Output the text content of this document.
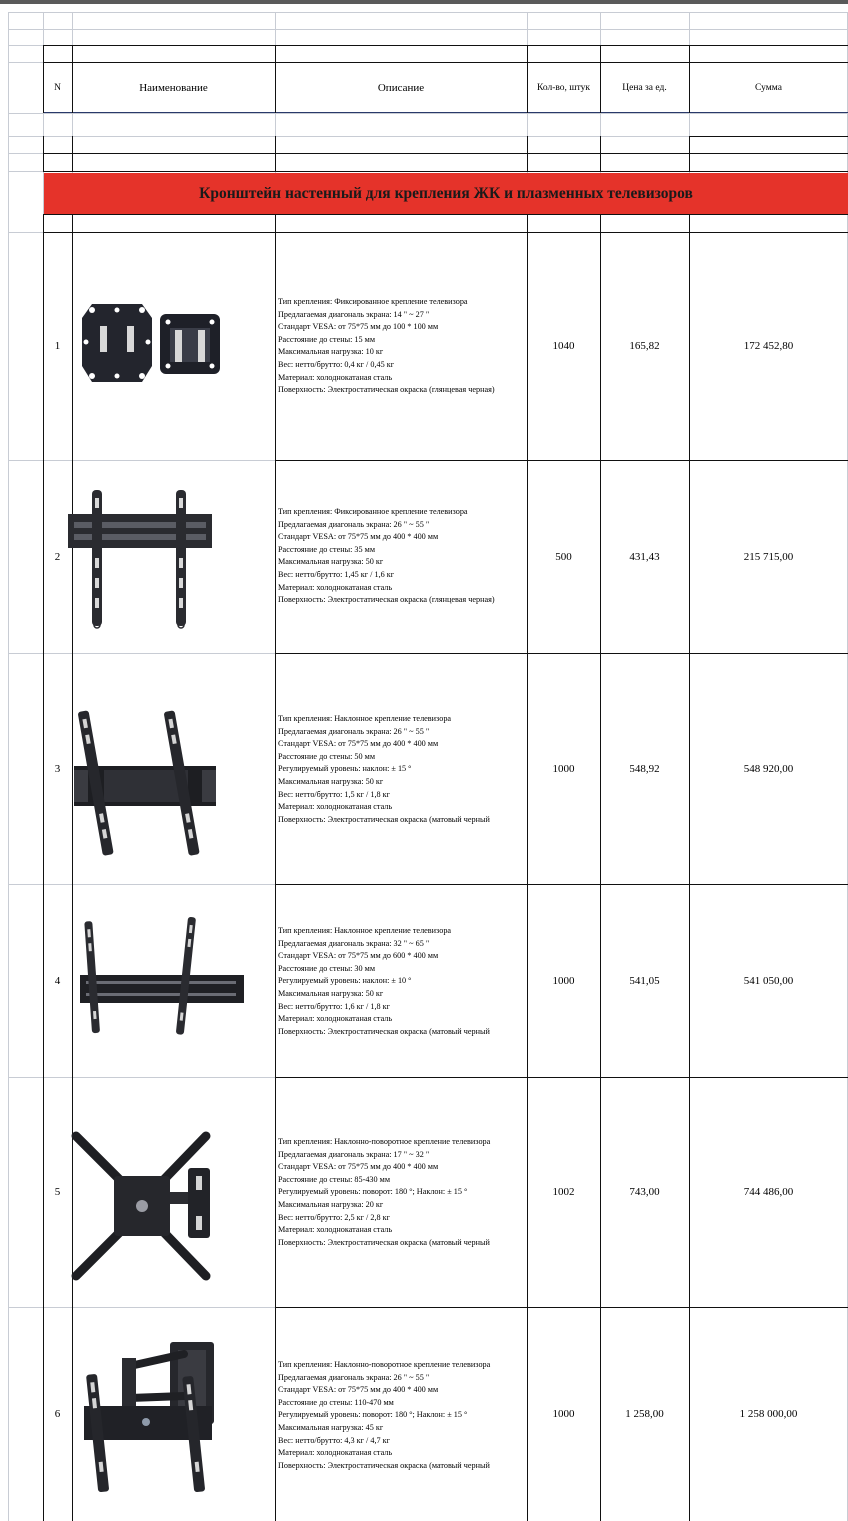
N	Наименование	Описание	Кол-во, штук	Цена за ед.	Сумма
Кронштейн настенный для крепления ЖК и плазменных телевизоров
1
Тип крепления: Фиксированное крепление телевизора
Предлагаемая диагональ экрана: 14 " ~ 27 "
Стандарт VESA: от 75*75 мм до 100 * 100 мм
Расстояние до стены: 15 мм
Максимальная нагрузка: 10 кг
Вес: нетто/брутто: 0,4 кг / 0,45 кг
Материал: холоднокатаная сталь
Поверхность: Электростатическая окраска (глянцевая черная)
1040	165,82	172 452,80
2
Тип крепления: Фиксированное крепление телевизора
Предлагаемая диагональ экрана: 26 " ~ 55 "
Стандарт VESA: от 75*75 мм до 400 * 400 мм
Расстояние до стены: 35 мм
Максимальная нагрузка: 50 кг
Вес: нетто/брутто: 1,45 кг / 1,6 кг
Материал: холоднокатаная сталь
Поверхность: Электростатическая окраска (глянцевая черная)
500	431,43	215 715,00
3
Тип крепления: Наклонное крепление телевизора
Предлагаемая диагональ экрана: 26 " ~ 55 "
Стандарт VESA: от 75*75 мм до 400 * 400 мм
Расстояние до стены: 50 мм
Регулируемый уровень: наклон: ± 15 °
Максимальная нагрузка: 50 кг
Вес: нетто/брутто: 1,5 кг / 1,8 кг
Материал: холоднокатаная сталь
Поверхность: Электростатическая окраска (матовый черный
1000	548,92	548 920,00
4
Тип крепления: Наклонное крепление телевизора
Предлагаемая диагональ экрана: 32 " ~ 65 "
Стандарт VESA: от 75*75 мм до 600 * 400 мм
Расстояние до стены: 30 мм
Регулируемый уровень: наклон: ± 10 °
Максимальная нагрузка: 50 кг
Вес: нетто/брутто: 1,6 кг / 1,8 кг
Материал: холоднокатаная сталь
Поверхность: Электростатическая окраска (матовый черный
1000	541,05	541 050,00
5
Тип крепления: Наклонно-поворотное крепление телевизора
Предлагаемая диагональ экрана: 17 " ~ 32 "
Стандарт VESA: от 75*75 мм до 400 * 400 мм
Расстояние до стены: 85-430 мм
Регулируемый уровень: поворот: 180 °; Наклон: ± 15 °
Максимальная нагрузка: 20 кг
Вес: нетто/брутто: 2,5 кг / 2,8 кг
Материал: холоднокатаная сталь
Поверхность: Электростатическая окраска (матовый черный
1002	743,00	744 486,00
6
Тип крепления: Наклонно-поворотное крепление телевизора
Предлагаемая диагональ экрана: 26 " ~ 55 "
Стандарт VESA: от 75*75 мм до 400 * 400 мм
Расстояние до стены: 110-470 мм
Регулируемый уровень: поворот: 180 °; Наклон: ± 15 °
Максимальная нагрузка: 45 кг
Вес: нетто/брутто: 4,3 кг / 4,7 кг
Материал: холоднокатаная сталь
Поверхность: Электростатическая окраска (матовый черный
1000	1 258,00	1 258 000,00
